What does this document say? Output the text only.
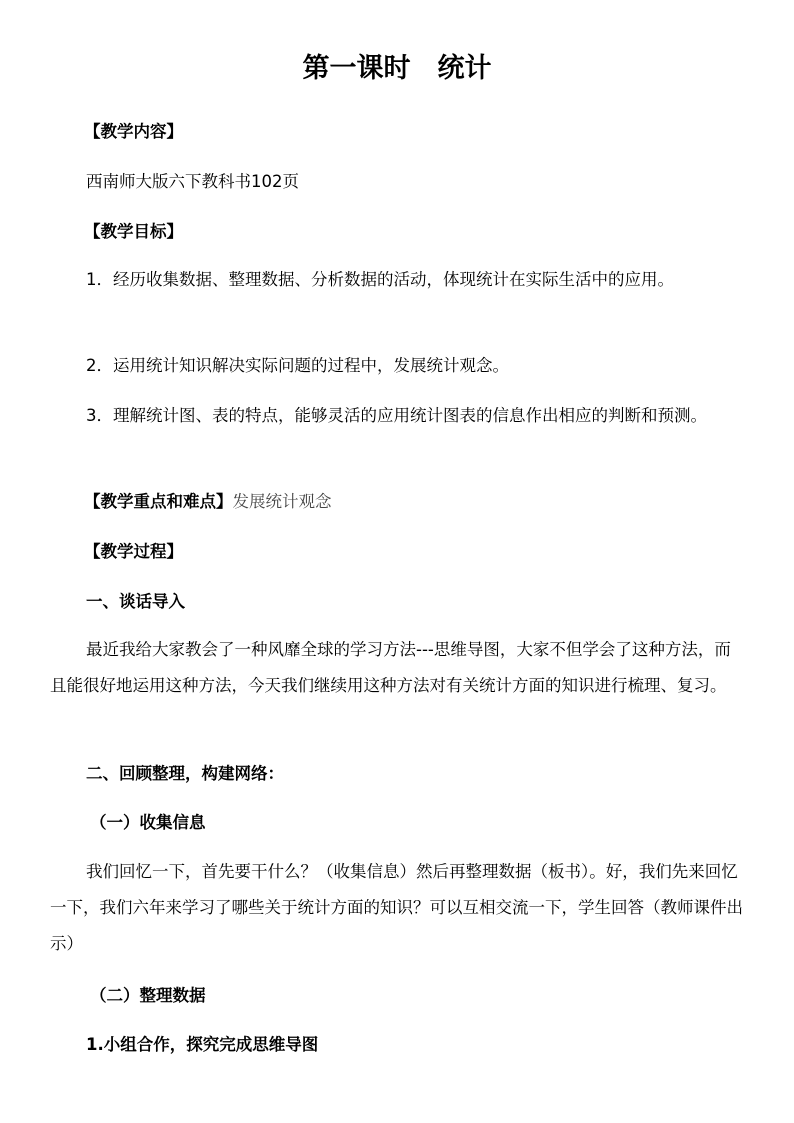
第一课时　统计
【教学内容】
西南师大版六下教科书102页
【教学目标】
1．经历收集数据、整理数据、分析数据的活动，体现统计在实际生活中的应用。
2．运用统计知识解决实际问题的过程中，发展统计观念。
3．理解统计图、表的特点，能够灵活的应用统计图表的信息作出相应的判断和预测。
【教学重点和难点】发展统计观念
【教学过程】
一、谈话导入
最近我给大家教会了一种风靡全球的学习方法---思维导图，大家不但学会了这种方法，而且能很好地运用这种方法，今天我们继续用这种方法对有关统计方面的知识进行梳理、复习。
二、回顾整理，构建网络：
（一）收集信息
我们回忆一下，首先要干什么？（收集信息）然后再整理数据（板书）。好，我们先来回忆一下，我们六年来学习了哪些关于统计方面的知识？可以互相交流一下，学生回答（教师课件出示）
（二）整理数据
1.小组合作，探究完成思维导图
